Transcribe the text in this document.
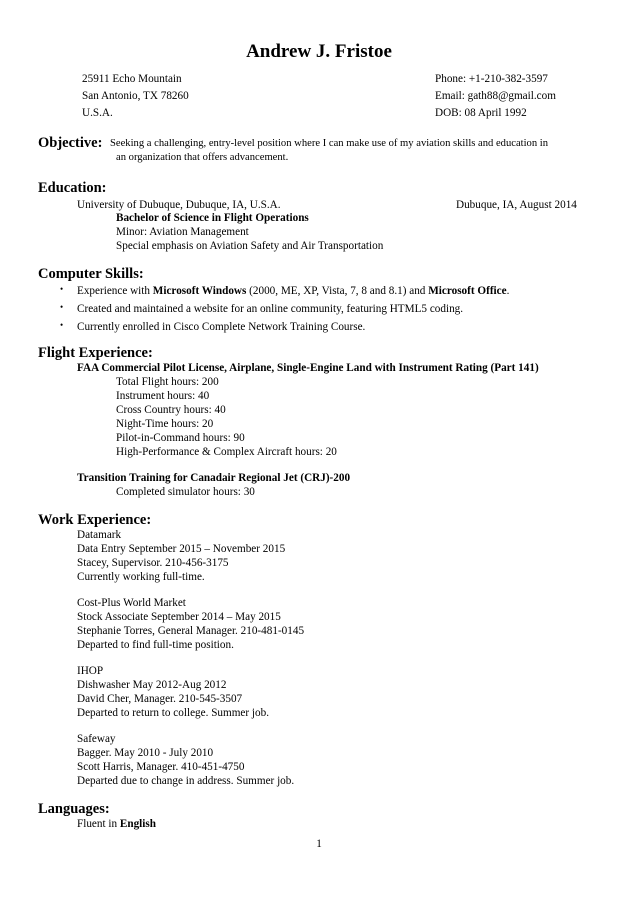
Andrew J. Fristoe
25911 Echo Mountain
San Antonio, TX 78260
U.S.A.
Phone: +1-210-382-3597
Email: gath88@gmail.com
DOB: 08 April 1992
Objective: Seeking a challenging, entry-level position where I can make use of my aviation skills and education in
an organization that offers advancement.
Education:
University of Dubuque, Dubuque, IA, U.S.A.	Dubuque, IA, August 2014
Bachelor of Science in Flight Operations
Minor: Aviation Management
Special emphasis on Aviation Safety and Air Transportation
Computer Skills:
• Experience with Microsoft Windows (2000, ME, XP, Vista, 7, 8 and 8.1) and Microsoft Office.
• Created and maintained a website for an online community, featuring HTML5 coding.
• Currently enrolled in Cisco Complete Network Training Course.
Flight Experience:
FAA Commercial Pilot License, Airplane, Single-Engine Land with Instrument Rating (Part 141)
Total Flight hours: 200
Instrument hours: 40
Cross Country hours: 40
Night-Time hours: 20
Pilot-in-Command hours: 90
High-Performance & Complex Aircraft hours: 20
Transition Training for Canadair Regional Jet (CRJ)-200
Completed simulator hours: 30
Work Experience:
Datamark
Data Entry September 2015 – November 2015
Stacey, Supervisor. 210-456-3175
Currently working full-time.
Cost-Plus World Market
Stock Associate September 2014 – May 2015
Stephanie Torres, General Manager. 210-481-0145
Departed to find full-time position.
IHOP
Dishwasher May 2012-Aug 2012
David Cher, Manager. 210-545-3507
Departed to return to college. Summer job.
Safeway
Bagger. May 2010 - July 2010
Scott Harris, Manager. 410-451-4750
Departed due to change in address. Summer job.
Languages:
Fluent in English
1
